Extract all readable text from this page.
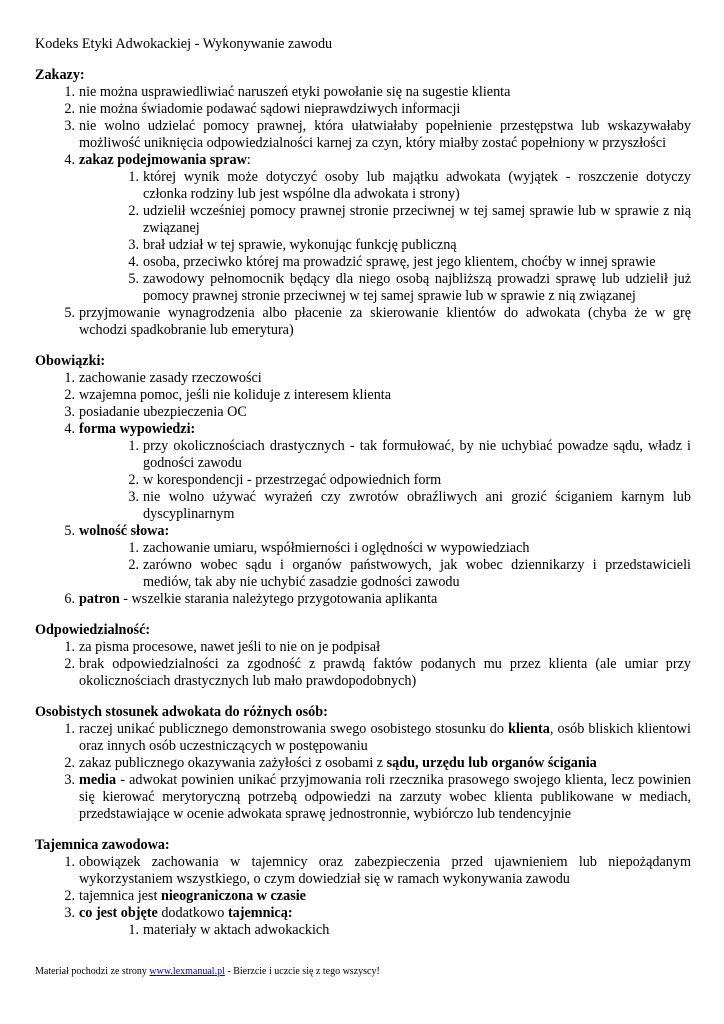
Kodeks Etyki Adwokackiej - Wykonywanie zawodu
Zakazy:
1. nie można usprawiedliwiać naruszeń etyki powołanie się na sugestie klienta
2. nie można świadomie podawać sądowi nieprawdziwych informacji
3. nie wolno udzielać pomocy prawnej, która ułatwiałaby popełnienie przestępstwa lub wskazywałaby możliwość uniknięcia odpowiedzialności karnej za czyn, który miałby zostać popełniony w przyszłości
4. zakaz podejmowania spraw:
1. której wynik może dotyczyć osoby lub majątku adwokata (wyjątek - roszczenie dotyczy członka rodziny lub jest wspólne dla adwokata i strony)
2. udzielił wcześniej pomocy prawnej stronie przeciwnej w tej samej sprawie lub w sprawie z nią związanej
3. brał udział w tej sprawie, wykonując funkcję publiczną
4. osoba, przeciwko której ma prowadzić sprawę, jest jego klientem, choćby w innej sprawie
5. zawodowy pełnomocnik będący dla niego osobą najbliższą prowadzi sprawę lub udzielił już pomocy prawnej stronie przeciwnej w tej samej sprawie lub w sprawie z nią związanej
5. przyjmowanie wynagrodzenia albo płacenie za skierowanie klientów do adwokata (chyba że w grę wchodzi spadkobranie lub emerytura)
Obowiązki:
1. zachowanie zasady rzeczowości
2. wzajemna pomoc, jeśli nie koliduje z interesem klienta
3. posiadanie ubezpieczenia OC
4. forma wypowiedzi:
1. przy okolicznościach drastycznych - tak formułować, by nie uchybiać powadze sądu, władz i godności zawodu
2. w korespondencji - przestrzegać odpowiednich form
3. nie wolno używać wyrażeń czy zwrotów obraźliwych ani grozić ściganiem karnym lub dyscyplinarnym
5. wolność słowa:
1. zachowanie umiaru, współmierności i oględności w wypowiedziach
2. zarówno wobec sądu i organów państwowych, jak wobec dziennikarzy i przedstawicieli mediów, tak aby nie uchybić zasadzie godności zawodu
6. patron - wszelkie starania należytego przygotowania aplikanta
Odpowiedzialność:
1. za pisma procesowe, nawet jeśli to nie on je podpisał
2. brak odpowiedzialności za zgodność z prawdą faktów podanych mu przez klienta (ale umiar przy okolicznościach drastycznych lub mało prawdopodobnych)
Osobistych stosunek adwokata do różnych osób:
1. raczej unikać publicznego demonstrowania swego osobistego stosunku do klienta, osób bliskich klientowi oraz innych osób uczestniczących w postępowaniu
2. zakaz publicznego okazywania zażyłości z osobami z sądu, urzędu lub organów ścigania
3. media - adwokat powinien unikać przyjmowania roli rzecznika prasowego swojego klienta, lecz powinien się kierować merytoryczną potrzebą odpowiedzi na zarzuty wobec klienta publikowane w mediach, przedstawiające w ocenie adwokata sprawę jednostronnie, wybiórczo lub tendencyjnie
Tajemnica zawodowa:
1. obowiązek zachowania w tajemnicy oraz zabezpieczenia przed ujawnieniem lub niepożądanym wykorzystaniem wszystkiego, o czym dowiedział się w ramach wykonywania zawodu
2. tajemnica jest nieograniczona w czasie
3. co jest objęte dodatkowo tajemnicą:
1. materiały w aktach adwokackich
Materiał pochodzi ze strony www.lexmanual.pl - Bierzcie i uczcie się z tego wszyscy!
